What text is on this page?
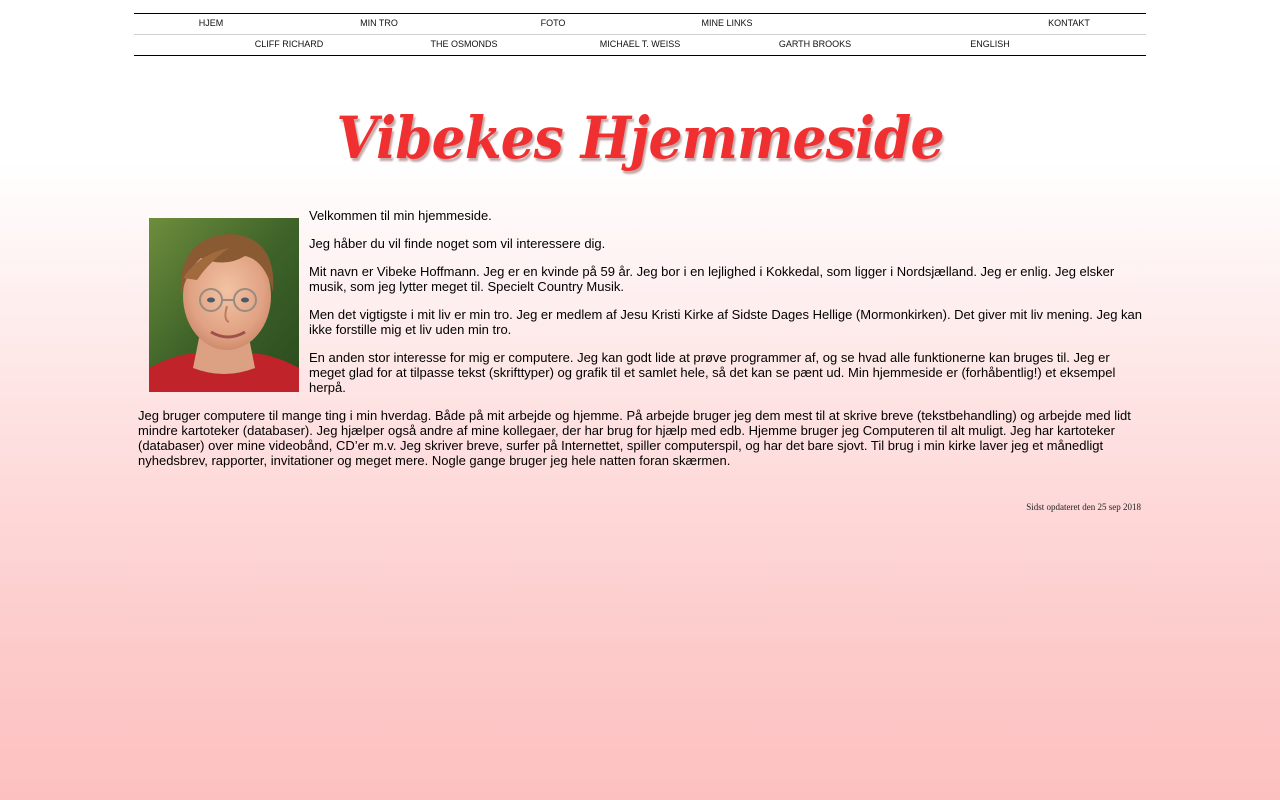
HJEM	MIN TRO	FOTO	MINE LINKS	KONTAKT
CLIFF RICHARD	THE OSMONDS	MICHAEL T. WEISS	GARTH BROOKS	ENGLISH
Vibekes Hjemmeside

Velkommen til min hjemmeside.

Jeg håber du vil finde noget som vil interessere dig.

Mit navn er Vibeke Hoffmann. Jeg er en kvinde på 59 år. Jeg bor i en lejlighed i Kokkedal, som ligger i Nordsjælland. Jeg er enlig. Jeg elsker musik, som jeg lytter meget til. Specielt Country Musik.

Men det vigtigste i mit liv er min tro. Jeg er medlem af Jesu Kristi Kirke af Sidste Dages Hellige (Mormonkirken). Det giver mit liv mening. Jeg kan ikke forstille mig et liv uden min tro.

En anden stor interesse for mig er computere. Jeg kan godt lide at prøve programmer af, og se hvad alle funktionerne kan bruges til. Jeg er meget glad for at tilpasse tekst (skrifttyper) og grafik til et samlet hele, så det kan se pænt ud. Min hjemmeside er (forhåbentlig!) et eksempel herpå.

Jeg bruger computere til mange ting i min hverdag. Både på mit arbejde og hjemme. På arbejde bruger jeg dem mest til at skrive breve (tekstbehandling) og arbejde med lidt mindre kartoteker (databaser). Jeg hjælper også andre af mine kollegaer, der har brug for hjælp med edb. Hjemme bruger jeg Computeren til alt muligt. Jeg har kartoteker (databaser) over mine videobånd, CD’er m.v. Jeg skriver breve, surfer på Internettet, spiller computerspil, og har det bare sjovt. Til brug i min kirke laver jeg et månedligt nyhedsbrev, rapporter, invitationer og meget mere. Nogle gange bruger jeg hele natten foran skærmen.

Sidst opdateret den 25 sep 2018
